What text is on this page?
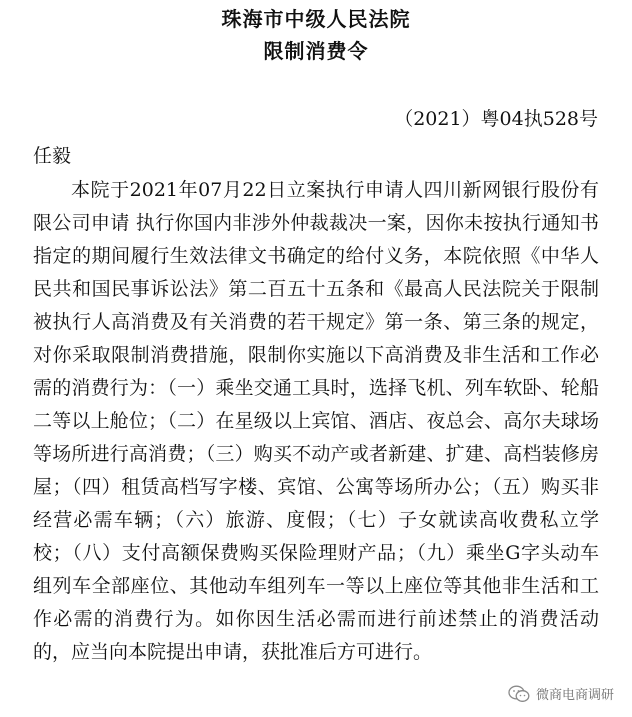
珠海市中级人民法院
限制消费令
（2021）粤04执528号
任毅

本院于2021年07月22日立案执行申请人四川新网银行股份有限公司申请 执行你国内非涉外仲裁裁决一案，因你未按执行通知书指定的期间履行生效法律文书确定的给付义务，本院依照《中华人民共和国民事诉讼法》第二百五十五条和《最高人民法院关于限制被执行人高消费及有关消费的若干规定》第一条、第三条的规定，对你采取限制消费措施，限制你实施以下高消费及非生活和工作必需的消费行为：（一）乘坐交通工具时，选择飞机、列车软卧、轮船二等以上舱位；（二）在星级以上宾馆、酒店、夜总会、高尔夫球场等场所进行高消费；（三）购买不动产或者新建、扩建、高档装修房屋；（四）租赁高档写字楼、宾馆、公寓等场所办公；（五）购买非经营必需车辆；（六）旅游、度假；（七）子女就读高收费私立学校；（八）支付高额保费购买保险理财产品；（九）乘坐G字头动车组列车全部座位、其他动车组列车一等以上座位等其他非生活和工作必需的消费行为。如你因生活必需而进行前述禁止的消费活动的，应当向本院提出申请，获批准后方可进行。

微商电商调研
